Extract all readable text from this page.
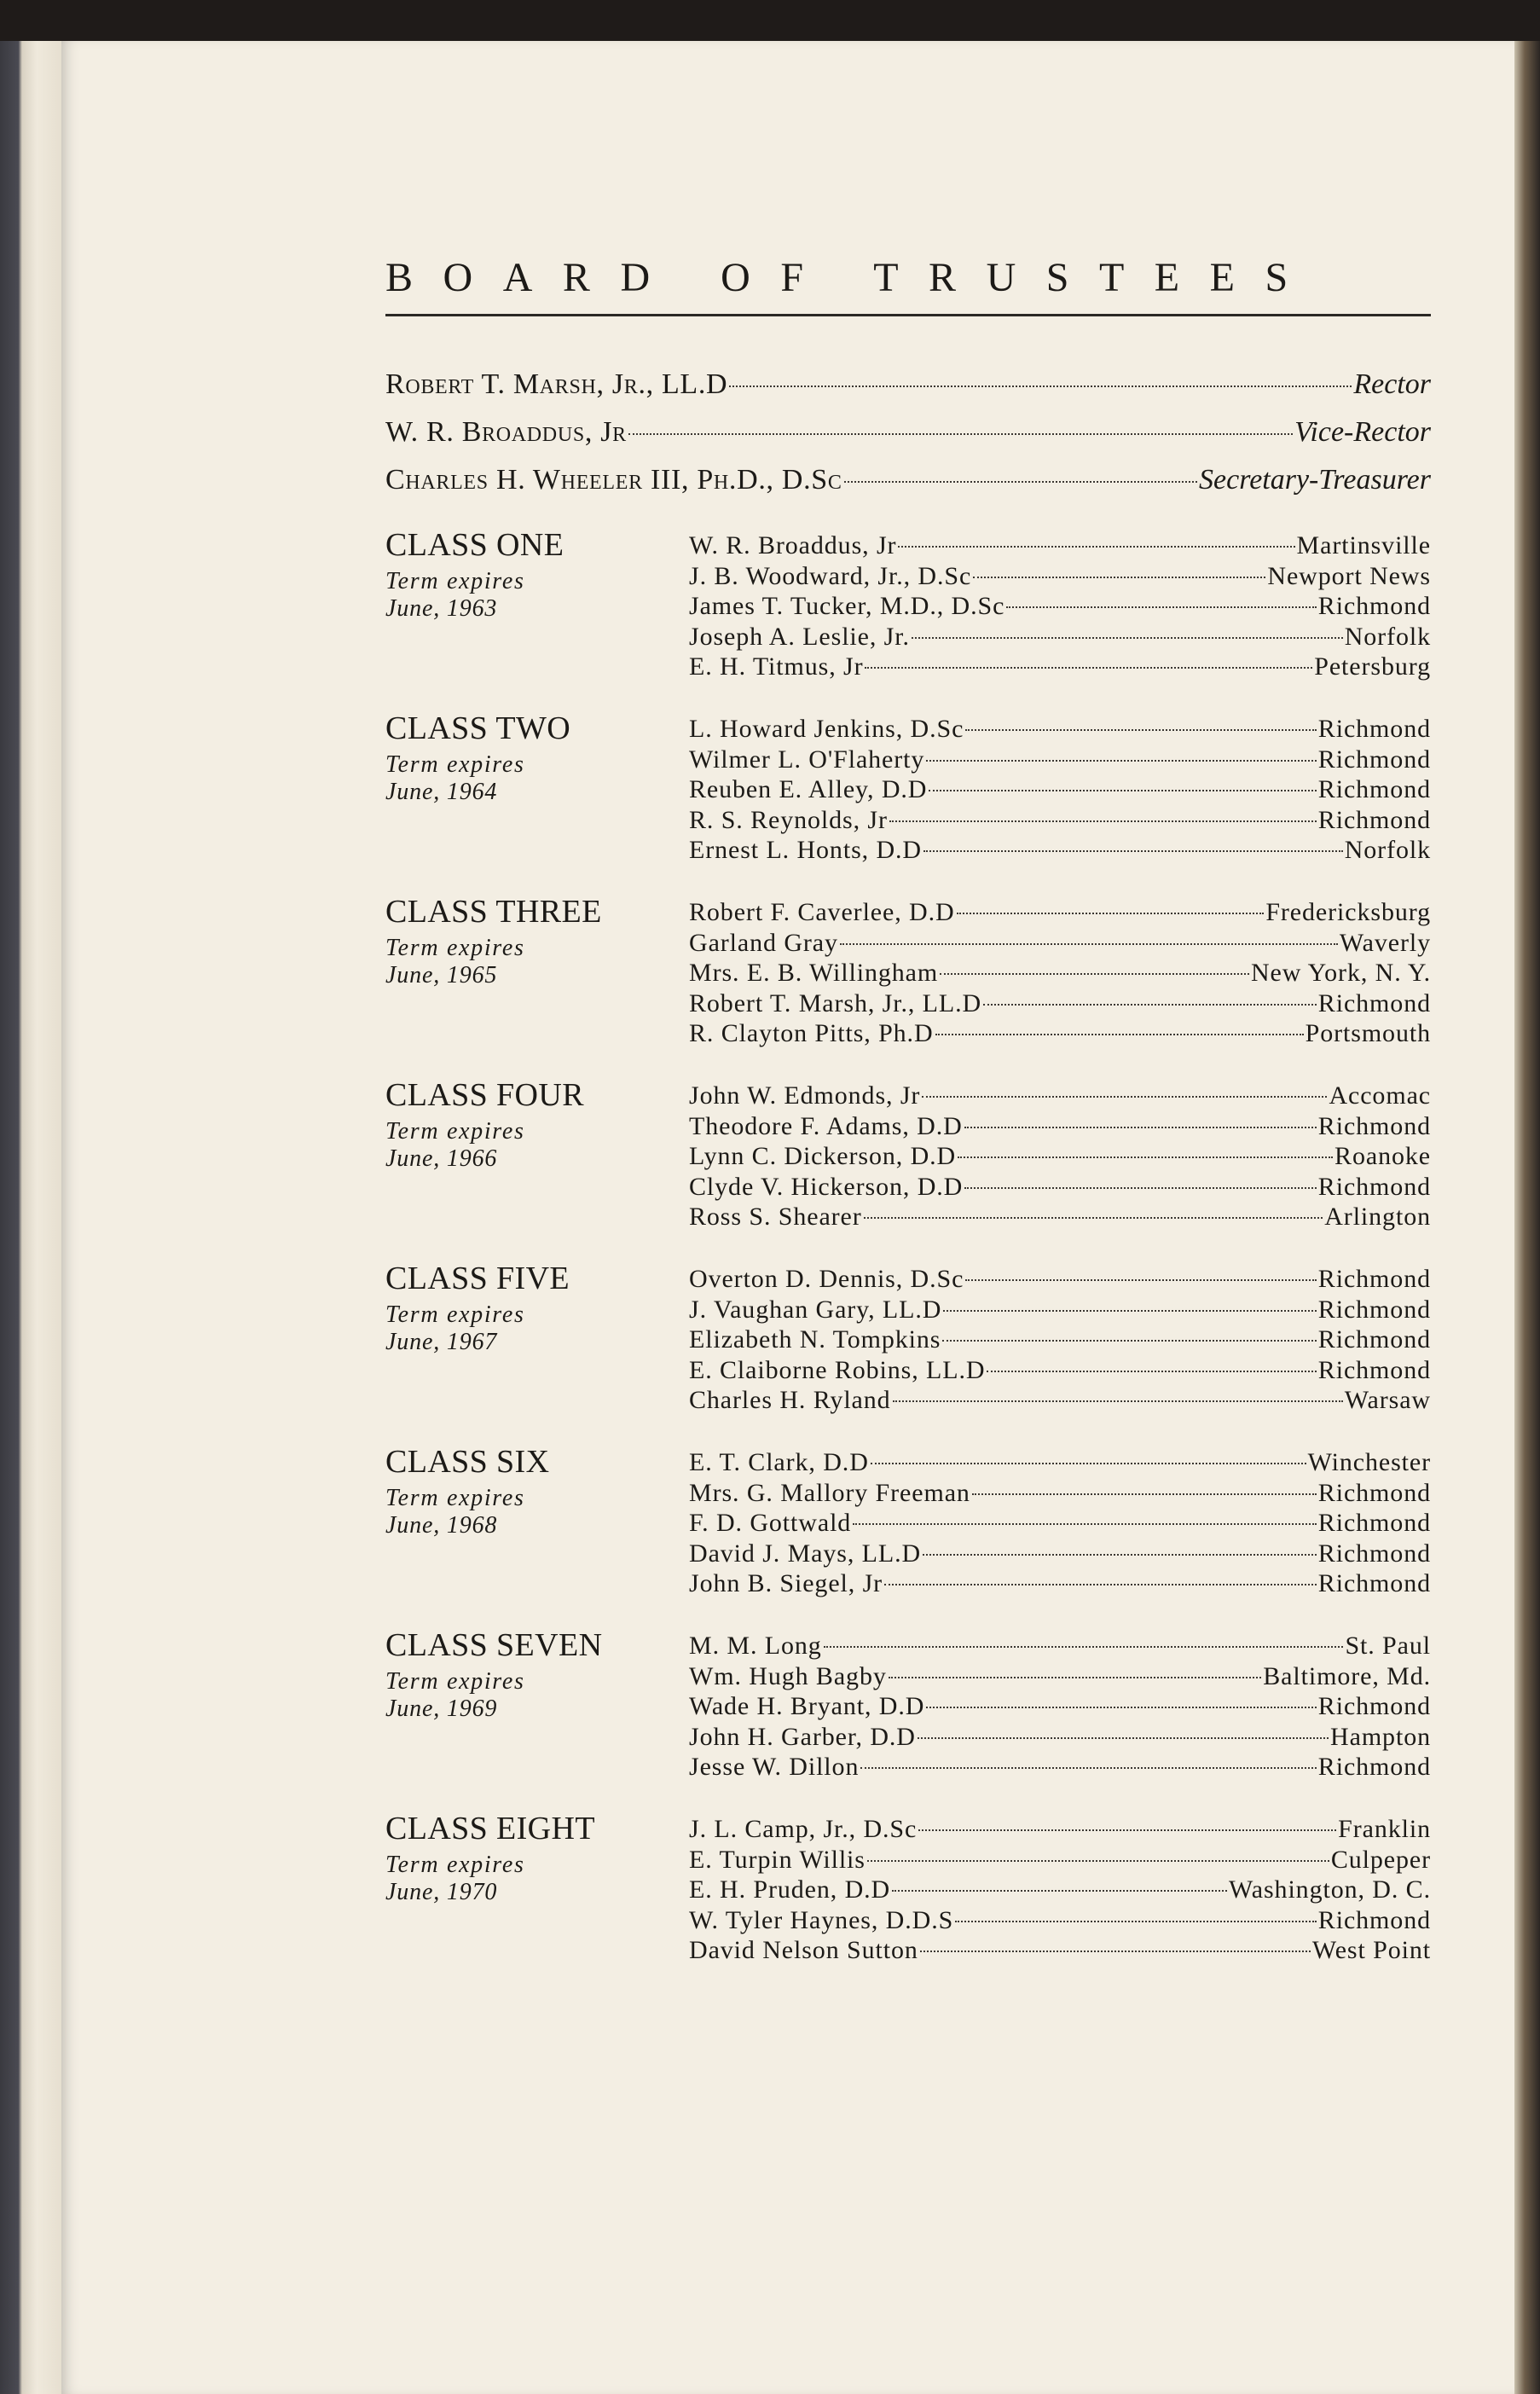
BOARD OF TRUSTEES
Robert T. Marsh, Jr., LL.D	Rector
W. R. Broaddus, Jr	Vice-Rector
Charles H. Wheeler III, Ph.D., D.Sc	Secretary-Treasurer
CLASS ONE
Term expires
June, 1963
W. R. Broaddus, Jr	Martinsville
J. B. Woodward, Jr., D.Sc	Newport News
James T. Tucker, M.D., D.Sc	Richmond
Joseph A. Leslie, Jr.	Norfolk
E. H. Titmus, Jr	Petersburg
CLASS TWO
Term expires
June, 1964
L. Howard Jenkins, D.Sc	Richmond
Wilmer L. O'Flaherty	Richmond
Reuben E. Alley, D.D	Richmond
R. S. Reynolds, Jr	Richmond
Ernest L. Honts, D.D	Norfolk
CLASS THREE
Term expires
June, 1965
Robert F. Caverlee, D.D	Fredericksburg
Garland Gray	Waverly
Mrs. E. B. Willingham	New York, N. Y.
Robert T. Marsh, Jr., LL.D	Richmond
R. Clayton Pitts, Ph.D	Portsmouth
CLASS FOUR
Term expires
June, 1966
John W. Edmonds, Jr	Accomac
Theodore F. Adams, D.D	Richmond
Lynn C. Dickerson, D.D	Roanoke
Clyde V. Hickerson, D.D	Richmond
Ross S. Shearer	Arlington
CLASS FIVE
Term expires
June, 1967
Overton D. Dennis, D.Sc	Richmond
J. Vaughan Gary, LL.D	Richmond
Elizabeth N. Tompkins	Richmond
E. Claiborne Robins, LL.D	Richmond
Charles H. Ryland	Warsaw
CLASS SIX
Term expires
June, 1968
E. T. Clark, D.D	Winchester
Mrs. G. Mallory Freeman	Richmond
F. D. Gottwald	Richmond
David J. Mays, LL.D	Richmond
John B. Siegel, Jr	Richmond
CLASS SEVEN
Term expires
June, 1969
M. M. Long	St. Paul
Wm. Hugh Bagby	Baltimore, Md.
Wade H. Bryant, D.D	Richmond
John H. Garber, D.D	Hampton
Jesse W. Dillon	Richmond
CLASS EIGHT
Term expires
June, 1970
J. L. Camp, Jr., D.Sc	Franklin
E. Turpin Willis	Culpeper
E. H. Pruden, D.D	Washington, D. C.
W. Tyler Haynes, D.D.S	Richmond
David Nelson Sutton	West Point
